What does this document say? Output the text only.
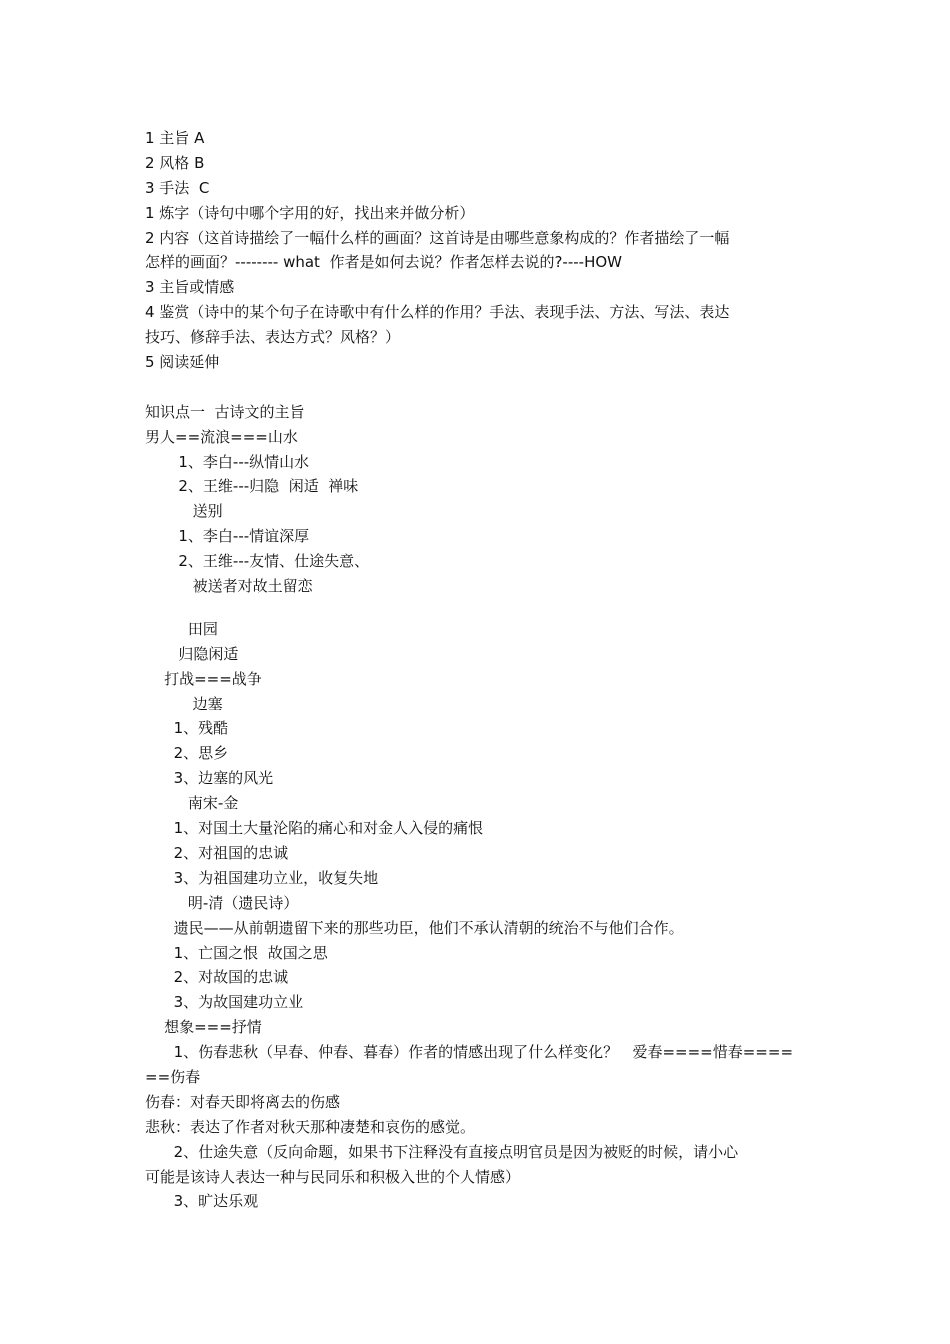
1 主旨 A
2 风格 B
3 手法  C
1 炼字（诗句中哪个字用的好，找出来并做分析）
2 内容（这首诗描绘了一幅什么样的画面？这首诗是由哪些意象构成的？作者描绘了一幅
怎样的画面？-------- what  作者是如何去说？作者怎样去说的?----HOW
3 主旨或情感
4 鉴赏（诗中的某个句子在诗歌中有什么样的作用？手法、表现手法、方法、写法、表达
技巧、修辞手法、表达方式？风格？）
5 阅读延伸
知识点一  古诗文的主旨
男人==流浪===山水
1、李白---纵情山水
2、王维---归隐  闲适  禅味
送别
1、李白---情谊深厚
2、王维---友情、仕途失意、
被送者对故土留恋
田园
归隐闲适
打战===战争
边塞
1、残酷
2、思乡
3、边塞的风光
南宋-金
1、对国土大量沦陷的痛心和对金人入侵的痛恨
2、对祖国的忠诚
3、为祖国建功立业，收复失地
明-清（遗民诗）
遗民——从前朝遗留下来的那些功臣，他们不承认清朝的统治不与他们合作。
1、亡国之恨  故国之思
2、对故国的忠诚
3、为故国建功立业
想象===抒情
1、伤春悲秋（早春、仲春、暮春）作者的情感出现了什么样变化？   爱春====惜春====
==伤春
伤春：对春天即将离去的伤感
悲秋：表达了作者对秋天那种凄楚和哀伤的感觉。
2、仕途失意（反向命题，如果书下注释没有直接点明官员是因为被贬的时候，请小心
可能是该诗人表达一种与民同乐和积极入世的个人情感）
3、旷达乐观
